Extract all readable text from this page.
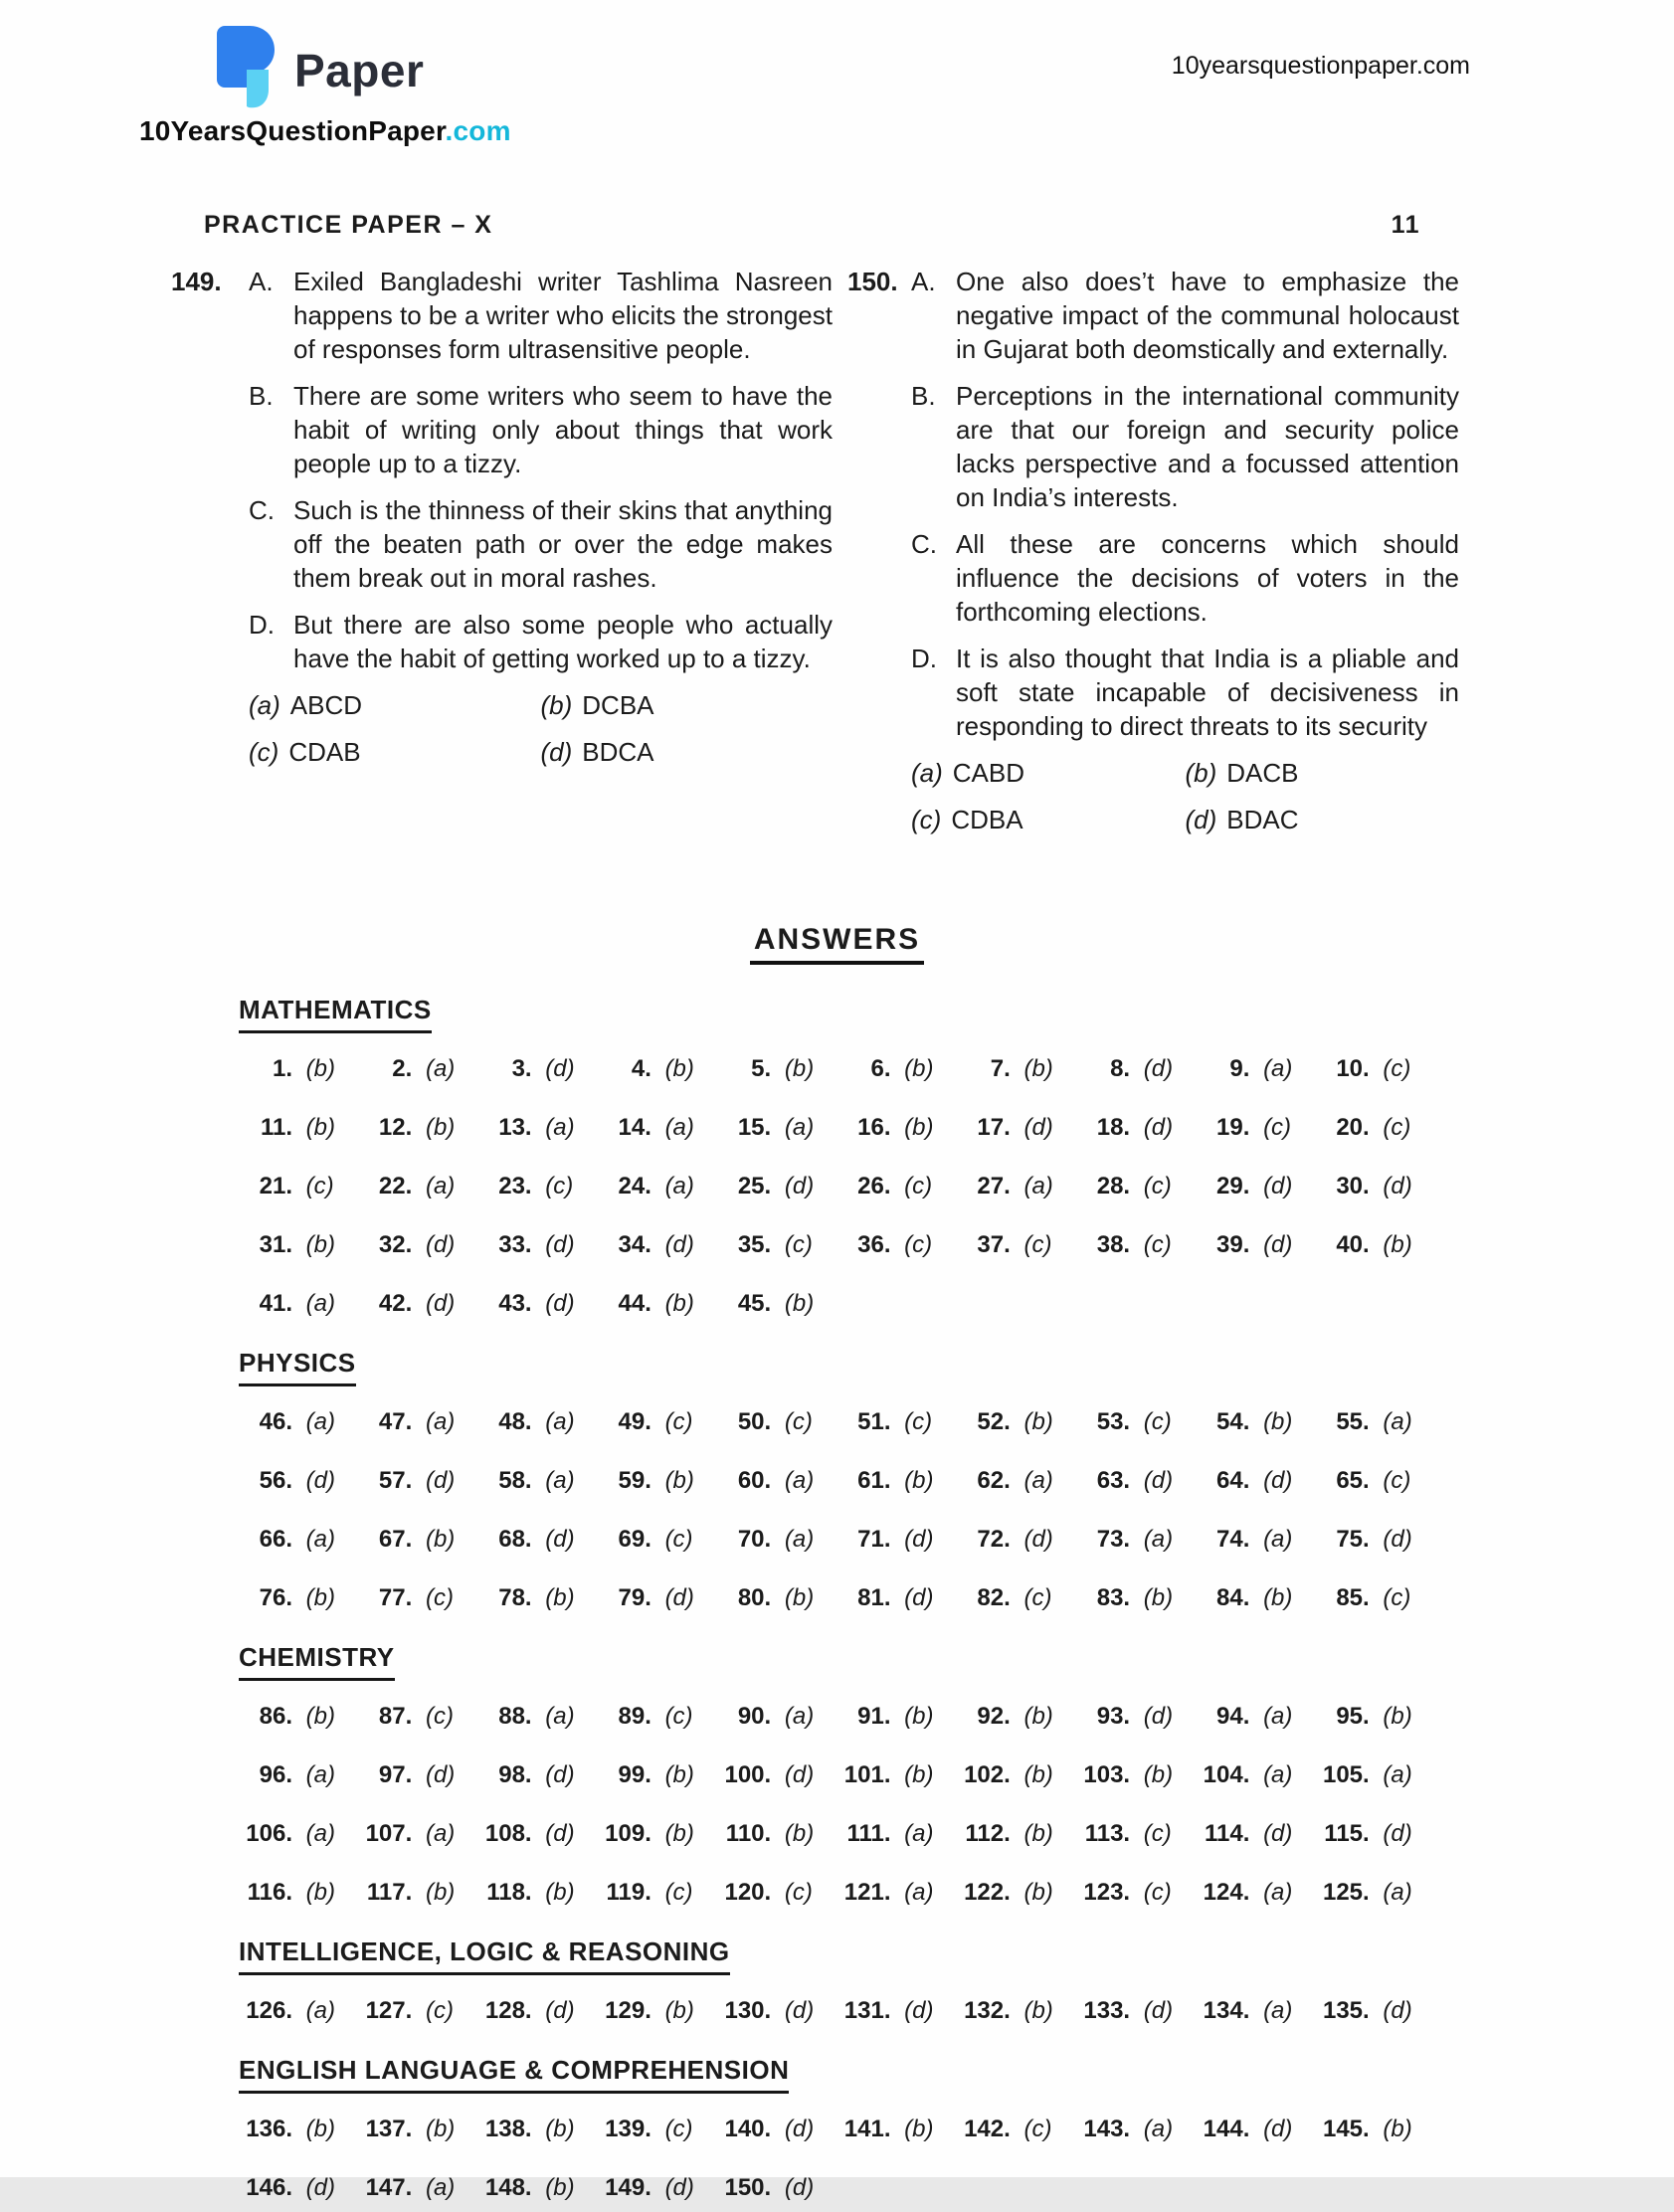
Paper
10YearsQuestionPaper.com
10yearsquestionpaper.com
PRACTICE PAPER – X	11
149.	A. Exiled Bangladeshi writer Tashlima Nasreen happens to be a writer who elicits the strongest of responses form ultrasensitive people.
B. There are some writers who seem to have the habit of writing only about things that work people up to a tizzy.
C. Such is the thinness of their skins that anything off the beaten path or over the edge makes them break out in moral rashes.
D. But there are also some people who actually have the habit of getting worked up to a tizzy.
(a) ABCD	(b) DCBA
(c) CDAB	(d) BDCA
150. A. One also does’t have to emphasize the negative impact of the communal holocaust in Gujarat both deomstically and externally.
B. Perceptions in the international community are that our foreign and security police lacks perspective and a focussed attention on India’s interests.
C. All these are concerns which should influence the decisions of voters in the forthcoming elections.
D. It is also thought that India is a pliable and soft state incapable of decisiveness in responding to direct threats to its security
(a) CABD	(b) DACB
(c) CDBA	(d) BDAC
ANSWERS
MATHEMATICS
1. (b)	2. (a)	3. (d)	4. (b)	5. (b)	6. (b)	7. (b)	8. (d)	9. (a)	10. (c)
11. (b)	12. (b)	13. (a)	14. (a)	15. (a)	16. (b)	17. (d)	18. (d)	19. (c)	20. (c)
21. (c)	22. (a)	23. (c)	24. (a)	25. (d)	26. (c)	27. (a)	28. (c)	29. (d)	30. (d)
31. (b)	32. (d)	33. (d)	34. (d)	35. (c)	36. (c)	37. (c)	38. (c)	39. (d)	40. (b)
41. (a)	42. (d)	43. (d)	44. (b)	45. (b)
PHYSICS
46. (a)	47. (a)	48. (a)	49. (c)	50. (c)	51. (c)	52. (b)	53. (c)	54. (b)	55. (a)
56. (d)	57. (d)	58. (a)	59. (b)	60. (a)	61. (b)	62. (a)	63. (d)	64. (d)	65. (c)
66. (a)	67. (b)	68. (d)	69. (c)	70. (a)	71. (d)	72. (d)	73. (a)	74. (a)	75. (d)
76. (b)	77. (c)	78. (b)	79. (d)	80. (b)	81. (d)	82. (c)	83. (b)	84. (b)	85. (c)
CHEMISTRY
86. (b)	87. (c)	88. (a)	89. (c)	90. (a)	91. (b)	92. (b)	93. (d)	94. (a)	95. (b)
96. (a)	97. (d)	98. (d)	99. (b)	100. (d)	101. (b)	102. (b)	103. (b)	104. (a)	105. (a)
106. (a)	107. (a)	108. (d)	109. (b)	110. (b)	111. (a)	112. (b)	113. (c)	114. (d)	115. (d)
116. (b)	117. (b)	118. (b)	119. (c)	120. (c)	121. (a)	122. (b)	123. (c)	124. (a)	125. (a)
INTELLIGENCE, LOGIC & REASONING
126. (a)	127. (c)	128. (d)	129. (b)	130. (d)	131. (d)	132. (b)	133. (d)	134. (a)	135. (d)
ENGLISH LANGUAGE & COMPREHENSION
136. (b)	137. (b)	138. (b)	139. (c)	140. (d)	141. (b)	142. (c)	143. (a)	144. (d)	145. (b)
146. (d)	147. (a)	148. (b)	149. (d)	150. (d)
